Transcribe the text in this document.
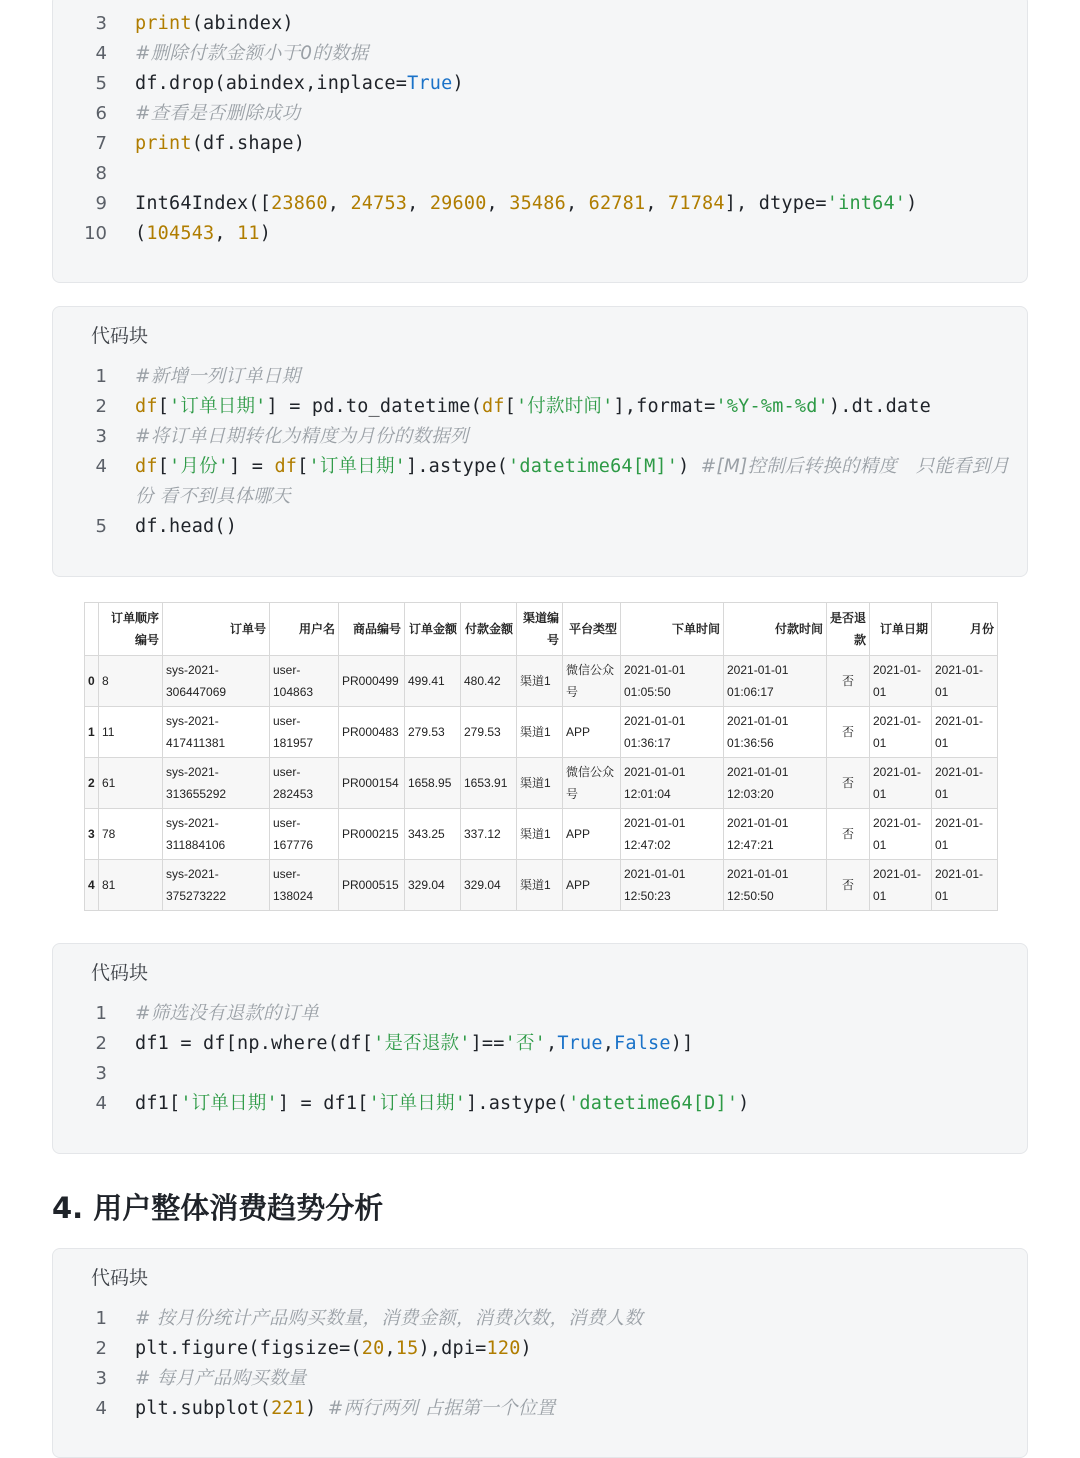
3 print(abindex)
4 #删除付款金额小于0的数据
5 df.drop(abindex,inplace=True)
6 #查看是否删除成功
7 print(df.shape)
8
9 Int64Index([23860, 24753, 29600, 35486, 62781, 71784], dtype='int64')
10 (104543, 11)
代码块
1 #新增一列订单日期
2 df['订单日期'] = pd.to_datetime(df['付款时间'],format='%Y-%m-%d').dt.date
3 #将订单日期转化为精度为月份的数据列
4 df['月份'] = df['订单日期'].astype('datetime64[M]') #[M]控制后转换的精度　只能看到月
份 看不到具体哪天
5 df.head()
	订单顺序编号	订单号	用户名	商品编号	订单金额	付款金额	渠道编号	平台类型	下单时间	付款时间	是否退款	订单日期	月份
0	8	sys-2021-306447069	user-104863	PR000499	499.41	480.42	渠道1	微信公众号	2021-01-01 01:05:50	2021-01-01 01:06:17	否	2021-01-01	2021-01-01
1	11	sys-2021-417411381	user-181957	PR000483	279.53	279.53	渠道1	APP	2021-01-01 01:36:17	2021-01-01 01:36:56	否	2021-01-01	2021-01-01
2	61	sys-2021-313655292	user-282453	PR000154	1658.95	1653.91	渠道1	微信公众号	2021-01-01 12:01:04	2021-01-01 12:03:20	否	2021-01-01	2021-01-01
3	78	sys-2021-311884106	user-167776	PR000215	343.25	337.12	渠道1	APP	2021-01-01 12:47:02	2021-01-01 12:47:21	否	2021-01-01	2021-01-01
4	81	sys-2021-375273222	user-138024	PR000515	329.04	329.04	渠道1	APP	2021-01-01 12:50:23	2021-01-01 12:50:50	否	2021-01-01	2021-01-01
代码块
1 #筛选没有退款的订单
2 df1 = df[np.where(df['是否退款']=='否',True,False)]
3
4 df1['订单日期'] = df1['订单日期'].astype('datetime64[D]')
4. 用户整体消费趋势分析
代码块
1 # 按月份统计产品购买数量，消费金额，消费次数，消费人数
2 plt.figure(figsize=(20,15),dpi=120)
3 # 每月产品购买数量
4 plt.subplot(221) #两行两列 占据第一个位置
